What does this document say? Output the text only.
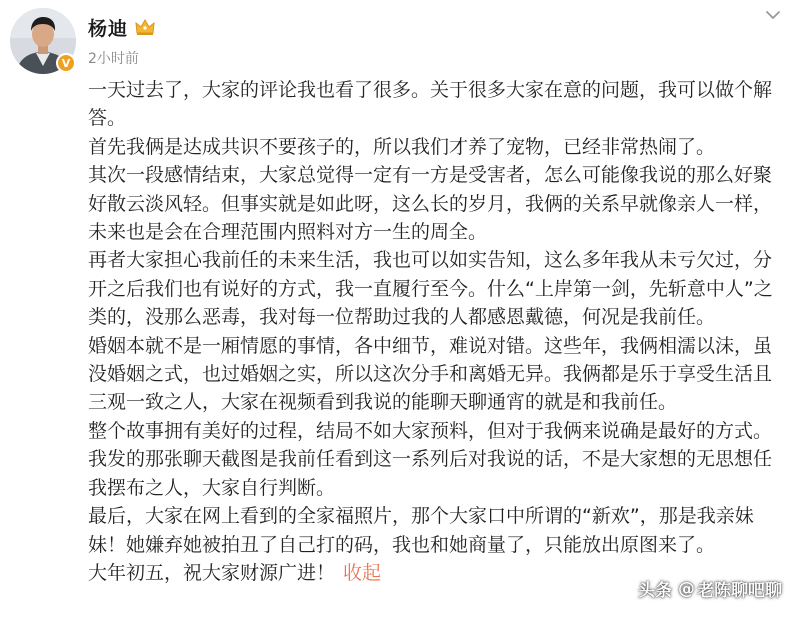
V
杨迪
2小时前

一天过去了，大家的评论我也看了很多。关于很多大家在意的问题，我可以做个解答。

首先我俩是达成共识不要孩子的，所以我们才养了宠物，已经非常热闹了。

其次一段感情结束，大家总觉得一定有一方是受害者，怎么可能像我说的那么好聚好散云淡风轻。但事实就是如此呀，这么长的岁月，我俩的关系早就像亲人一样，未来也是会在合理范围内照料对方一生的周全。

再者大家担心我前任的未来生活，我也可以如实告知，这么多年我从未亏欠过，分开之后我们也有说好的方式，我一直履行至今。什么“上岸第一剑，先斩意中人”之类的，没那么恶毒，我对每一位帮助过我的人都感恩戴德，何况是我前任。

婚姻本就不是一厢情愿的事情，各中细节，难说对错。这些年，我俩相濡以沫，虽没婚姻之式，也过婚姻之实，所以这次分手和离婚无异。我俩都是乐于享受生活且三观一致之人，大家在视频看到我说的能聊天聊通宵的就是和我前任。

整个故事拥有美好的过程，结局不如大家预料，但对于我俩来说确是最好的方式。我发的那张聊天截图是我前任看到这一系列后对我说的话，不是大家想的无思想任我摆布之人，大家自行判断。

最后，大家在网上看到的全家福照片，那个大家口中所谓的“新欢”，那是我亲妹妹！她嫌弃她被拍丑了自己打的码，我也和她商量了，只能放出原图来了。

大年初五，祝大家财源广进！ 收起

头条 @ 老陈聊吧聊
